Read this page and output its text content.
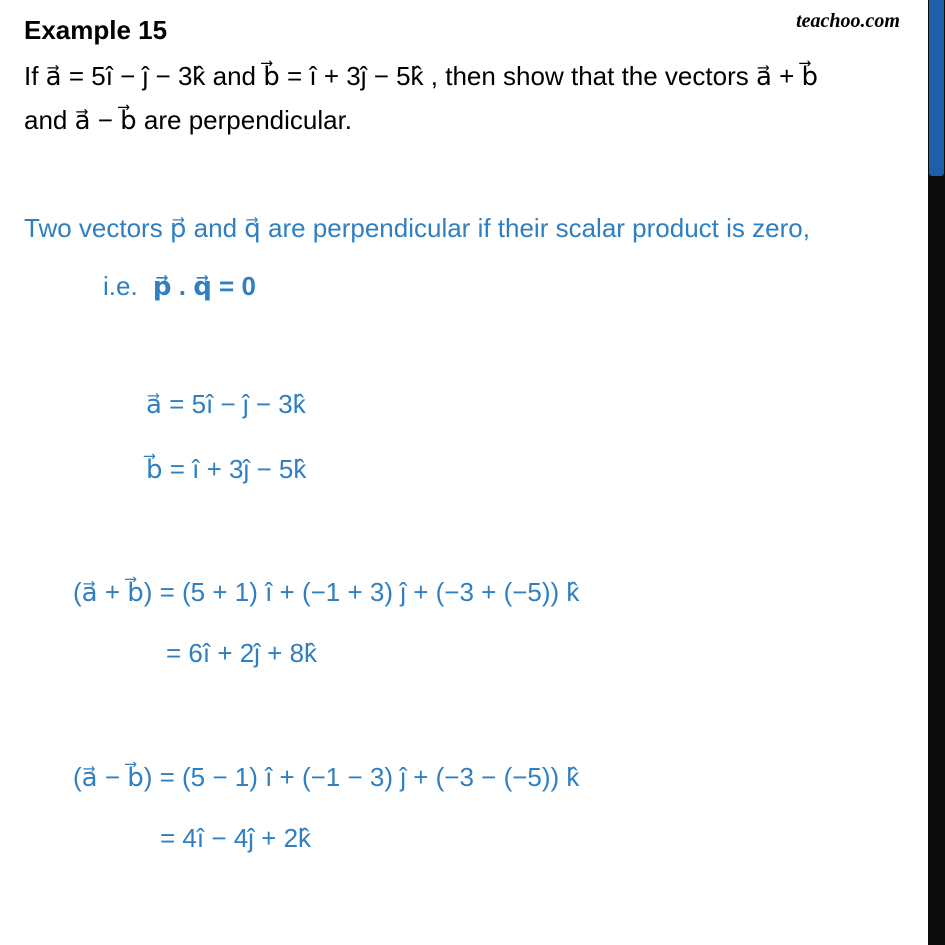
Example 15	teachoo.com
If a⃗ = 5î − ĵ − 3k̂ and b⃗ = î + 3ĵ − 5k̂ , then show that the vectors a⃗ + b⃗
and a⃗ − b⃗ are perpendicular.
Two vectors p⃗ and q⃗ are perpendicular if their scalar product is zero,
i.e. p⃗ . q⃗ = 0
a⃗ = 5î − ĵ − 3k̂
b⃗ = î + 3ĵ − 5k̂
(a⃗ + b⃗) = (5 + 1) î + (−1 + 3) ĵ + (−3 + (−5)) k̂
= 6î + 2ĵ + 8k̂
(a⃗ − b⃗) = (5 − 1) î + (−1 − 3) ĵ + (−3 − (−5)) k̂
= 4î − 4ĵ + 2k̂
